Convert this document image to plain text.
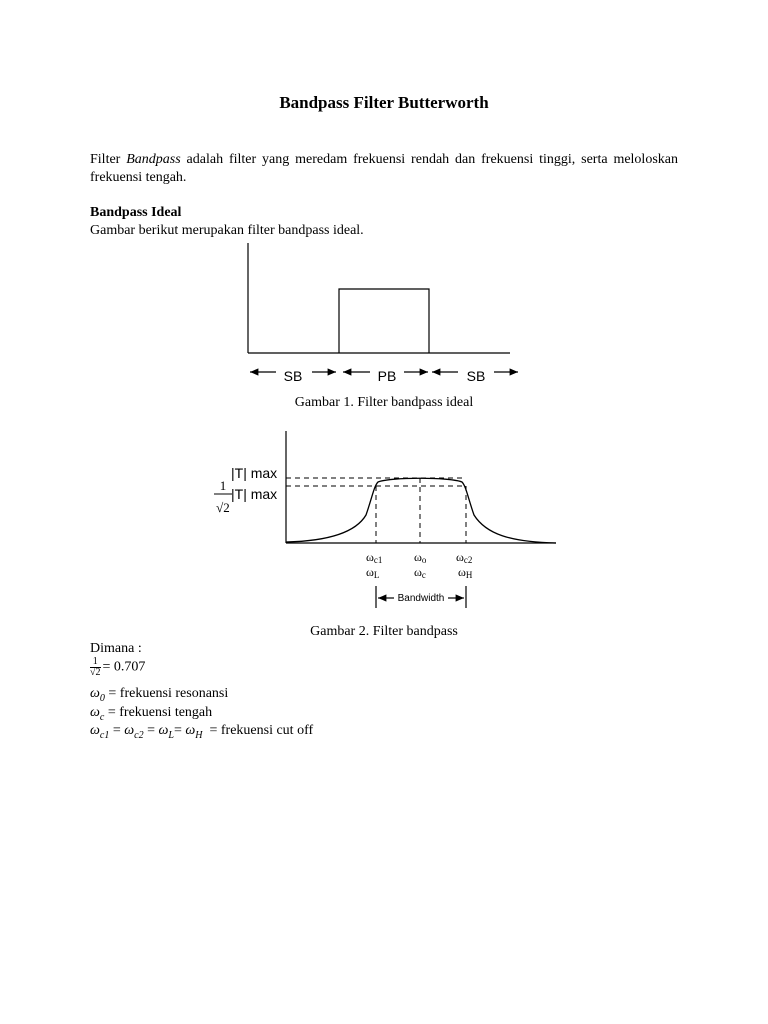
Bandpass Filter Butterworth
Filter Bandpass adalah filter yang meredam frekuensi rendah dan frekuensi tinggi, serta meloloskan frekuensi tengah.
Bandpass Ideal
Gambar berikut merupakan filter bandpass ideal.
SB	PB	SB
Gambar 1. Filter bandpass ideal
|T| max
1
√2
|T| max
ωc1
ωL
ωo
ωc
ωc2
ωH
Bandwidth
Gambar 2. Filter bandpass
Dimana :
$\frac{1}{√2} = 0.707$
$\omega_0$ = frekuensi resonansi
$\omega_c$ = frekuensi tengah
$\omega_{c1} = \omega_{c2} = \omega_L= \omega_H$  = frekuensi cut off
